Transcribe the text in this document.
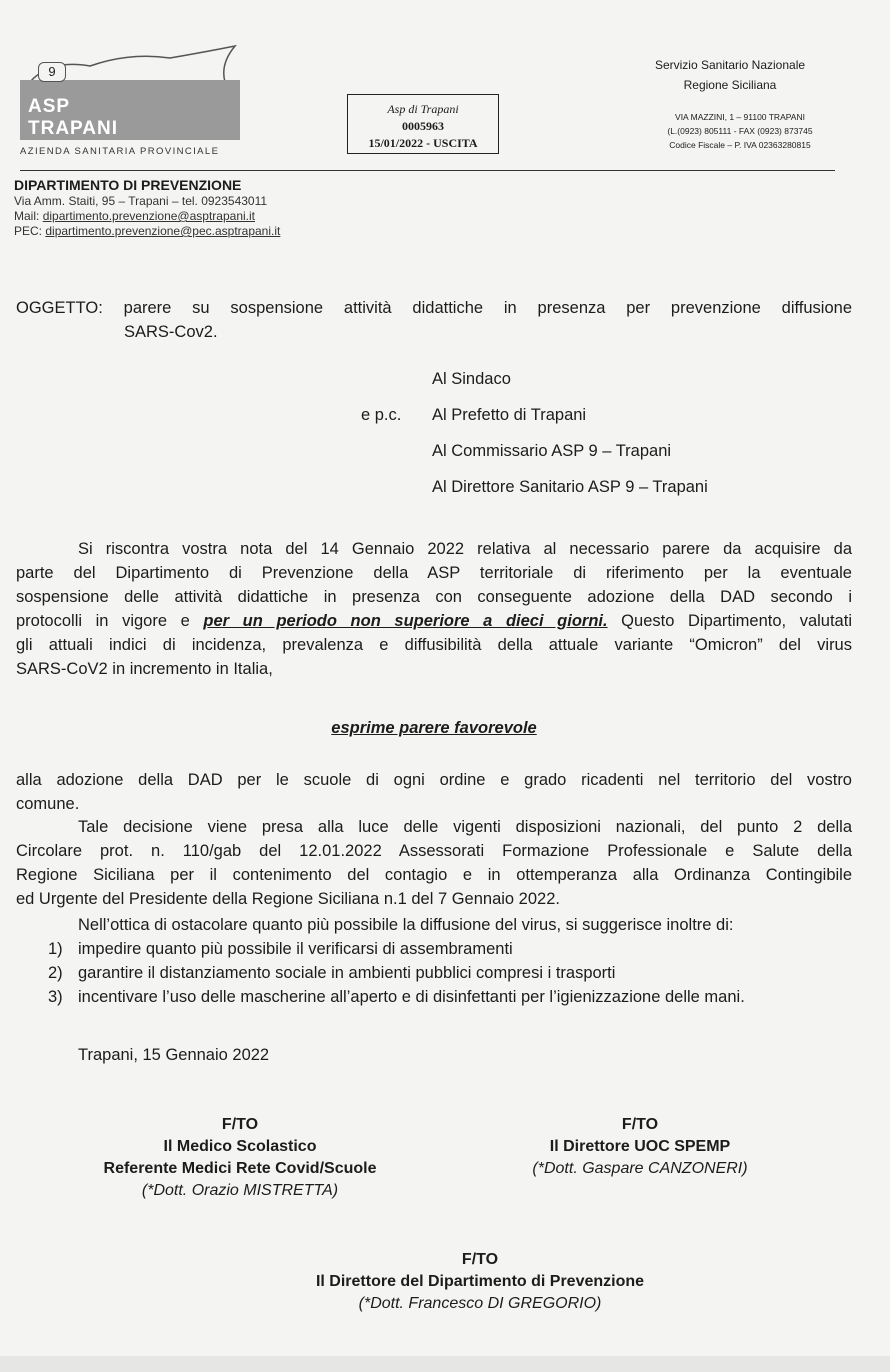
9
ASP
TRAPANI
AZIENDA SANITARIA PROVINCIALE
Asp di Trapani
0005963
15/01/2022 - USCITA
Servizio Sanitario Nazionale
Regione Siciliana
VIA MAZZINI, 1 – 91100 TRAPANI
(L.(0923) 805111 - FAX (0923) 873745
Codice Fiscale – P. IVA 02363280815
DIPARTIMENTO DI PREVENZIONE
Via Amm. Staiti, 95 – Trapani – tel. 0923543011
Mail: dipartimento.prevenzione@asptrapani.it
PEC: dipartimento.prevenzione@pec.asptrapani.it
OGGETTO: parere su sospensione attività didattiche in presenza per prevenzione diffusione
SARS-Cov2.
Al Sindaco
e p.c. Al Prefetto di Trapani
Al Commissario ASP 9 – Trapani
Al Direttore Sanitario ASP 9 – Trapani
Si riscontra vostra nota del 14 Gennaio 2022 relativa al necessario parere da acquisire da
parte del Dipartimento di Prevenzione della ASP territoriale di riferimento per la eventuale
sospensione delle attività didattiche in presenza con conseguente adozione della DAD secondo i
protocolli in vigore e per un periodo non superiore a dieci giorni. Questo Dipartimento, valutati
gli attuali indici di incidenza, prevalenza e diffusibilità della attuale variante “Omicron” del virus
SARS-CoV2 in incremento in Italia,
esprime parere favorevole
alla adozione della DAD per le scuole di ogni ordine e grado ricadenti nel territorio del vostro
comune.
Tale decisione viene presa alla luce delle vigenti disposizioni nazionali, del punto 2 della
Circolare prot. n. 110/gab del 12.01.2022 Assessorati Formazione Professionale e Salute della
Regione Siciliana per il contenimento del contagio e in ottemperanza alla Ordinanza Contingibile
ed Urgente del Presidente della Regione Siciliana n.1 del 7 Gennaio 2022.
Nell’ottica di ostacolare quanto più possibile la diffusione del virus, si suggerisce inoltre di:
1) impedire quanto più possibile il verificarsi di assembramenti
2) garantire il distanziamento sociale in ambienti pubblici compresi i trasporti
3) incentivare l’uso delle mascherine all’aperto e di disinfettanti per l’igienizzazione delle mani.
Trapani, 15 Gennaio 2022
F/TO
Il Medico Scolastico
Referente Medici Rete Covid/Scuole
(*Dott. Orazio MISTRETTA)
F/TO
Il Direttore UOC SPEMP
(*Dott. Gaspare CANZONERI)
F/TO
Il Direttore del Dipartimento di Prevenzione
(*Dott. Francesco DI GREGORIO)
